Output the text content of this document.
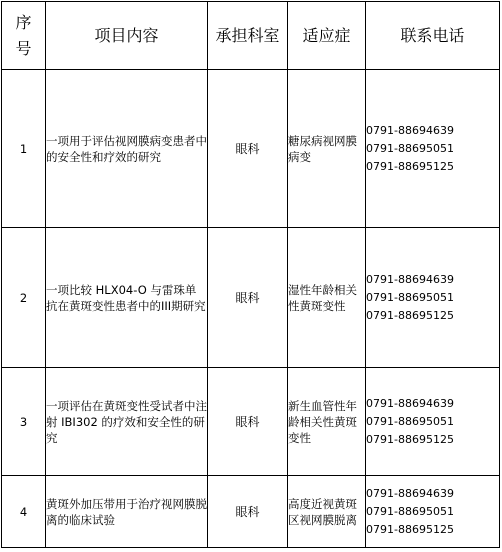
序号	项目内容	承担科室	适应症	联系电话
1	一项用于评估视网膜病变患者中的安全性和疗效的研究	眼科	糖尿病视网膜病变	0791-88694639
0791-88695051
0791-88695125

2	一项比较 HLX04-O 与雷珠单抗在黄斑变性患者中的III期研究	眼科	湿性年龄相关性黄斑变性	0791-88694639
0791-88695051
0791-88695125

3	一项评估在黄斑变性受试者中注射 IBI302 的疗效和安全性的研究	眼科	新生血管性年龄相关性黄斑变性	0791-88694639
0791-88695051
0791-88695125

4	黄斑外加压带用于治疗视网膜脱离的临床试验	眼科	高度近视黄斑区视网膜脱离	0791-88694639
0791-88695051
0791-88695125
